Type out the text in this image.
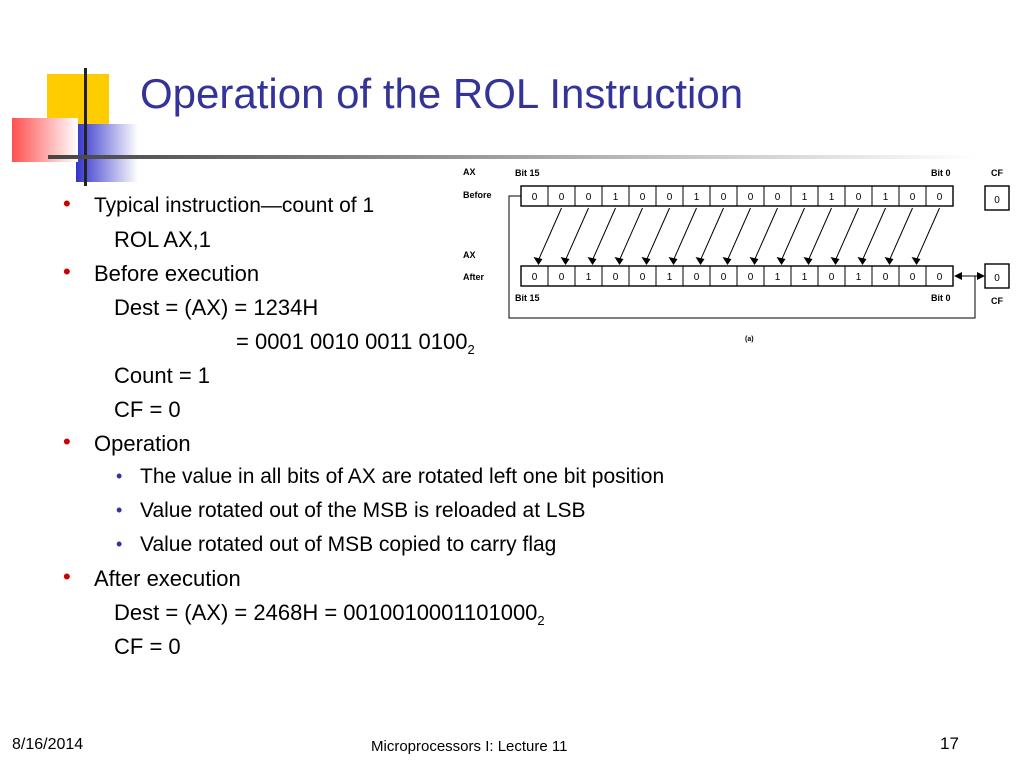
Operation of the ROL Instruction
AX
Before
AX
After
Bit 15	Bit 0	CF
Bit 15	Bit 0	CF
(a)
0 0 0 1 0 0 1 0 0 0 1 1 0 1 0 0
0 0 1 0 0 1 0 0 0 1 1 0 1 0 0 0
0
0
• Typical instruction—count of 1
ROL AX,1
• Before execution
Dest = (AX) = 1234H
= 0001 0010 0011 $0100_2$
Count = 1
CF = 0
• Operation
• The value in all bits of AX are rotated left one bit position
• Value rotated out of the MSB is reloaded at LSB
• Value rotated out of MSB copied to carry flag
• After execution
Dest = $(AX) = 2468H = 0010010001101000_2$
CF = 0
8/16/2014	Microprocessors I: Lecture 11	17
